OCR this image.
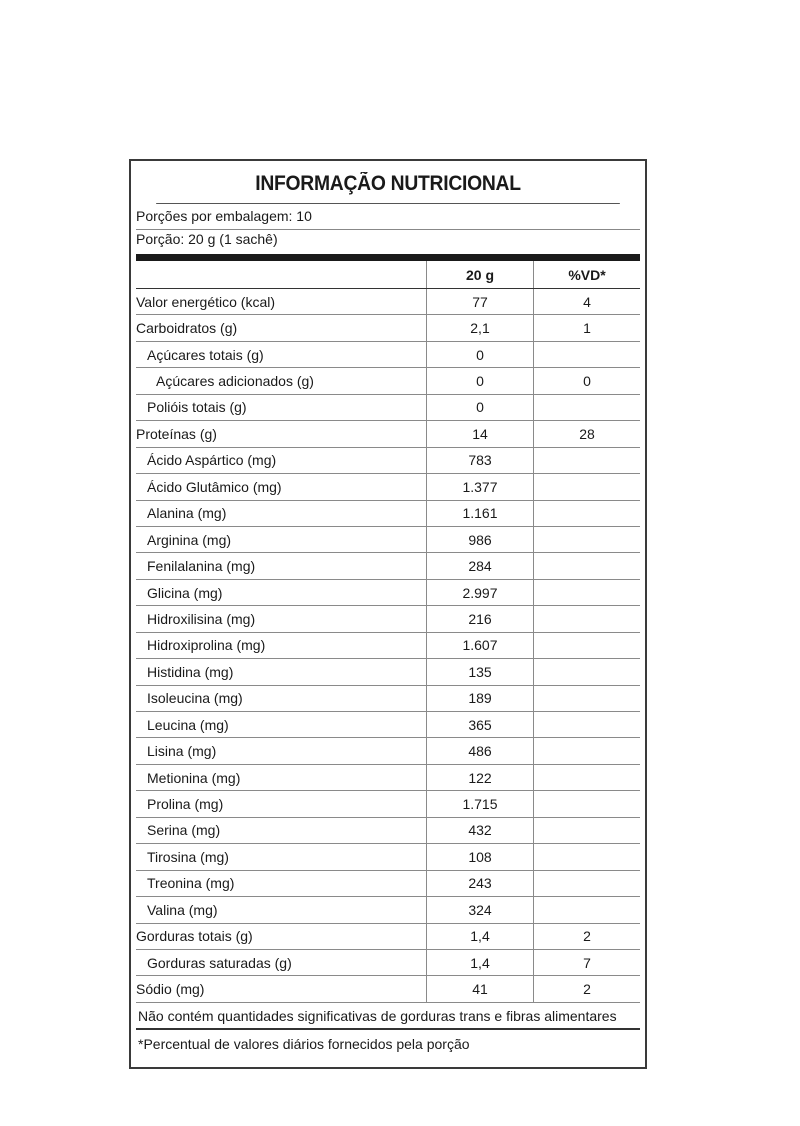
INFORMAÇÃO NUTRICIONAL
Porções por embalagem: 10
Porção: 20 g (1 sachê)
	20 g	%VD*
Valor energético (kcal)	77	4
Carboidratos (g)	2,1	1
Açúcares totais (g)	0	
Açúcares adicionados (g)	0	0
Polióis totais (g)	0	
Proteínas (g)	14	28
Ácido Aspártico (mg)	783	
Ácido Glutâmico (mg)	1.377	
Alanina (mg)	1.161	
Arginina (mg)	986	
Fenilalanina (mg)	284	
Glicina (mg)	2.997	
Hidroxilisina (mg)	216	
Hidroxiprolina (mg)	1.607	
Histidina (mg)	135	
Isoleucina (mg)	189	
Leucina (mg)	365	
Lisina (mg)	486	
Metionina (mg)	122	
Prolina (mg)	1.715	
Serina (mg)	432	
Tirosina (mg)	108	
Treonina (mg)	243	
Valina (mg)	324	
Gorduras totais (g)	1,4	2
Gorduras saturadas (g)	1,4	7
Sódio (mg)	41	2
Não contém quantidades significativas de gorduras trans e fibras alimentares
*Percentual de valores diários fornecidos pela porção
